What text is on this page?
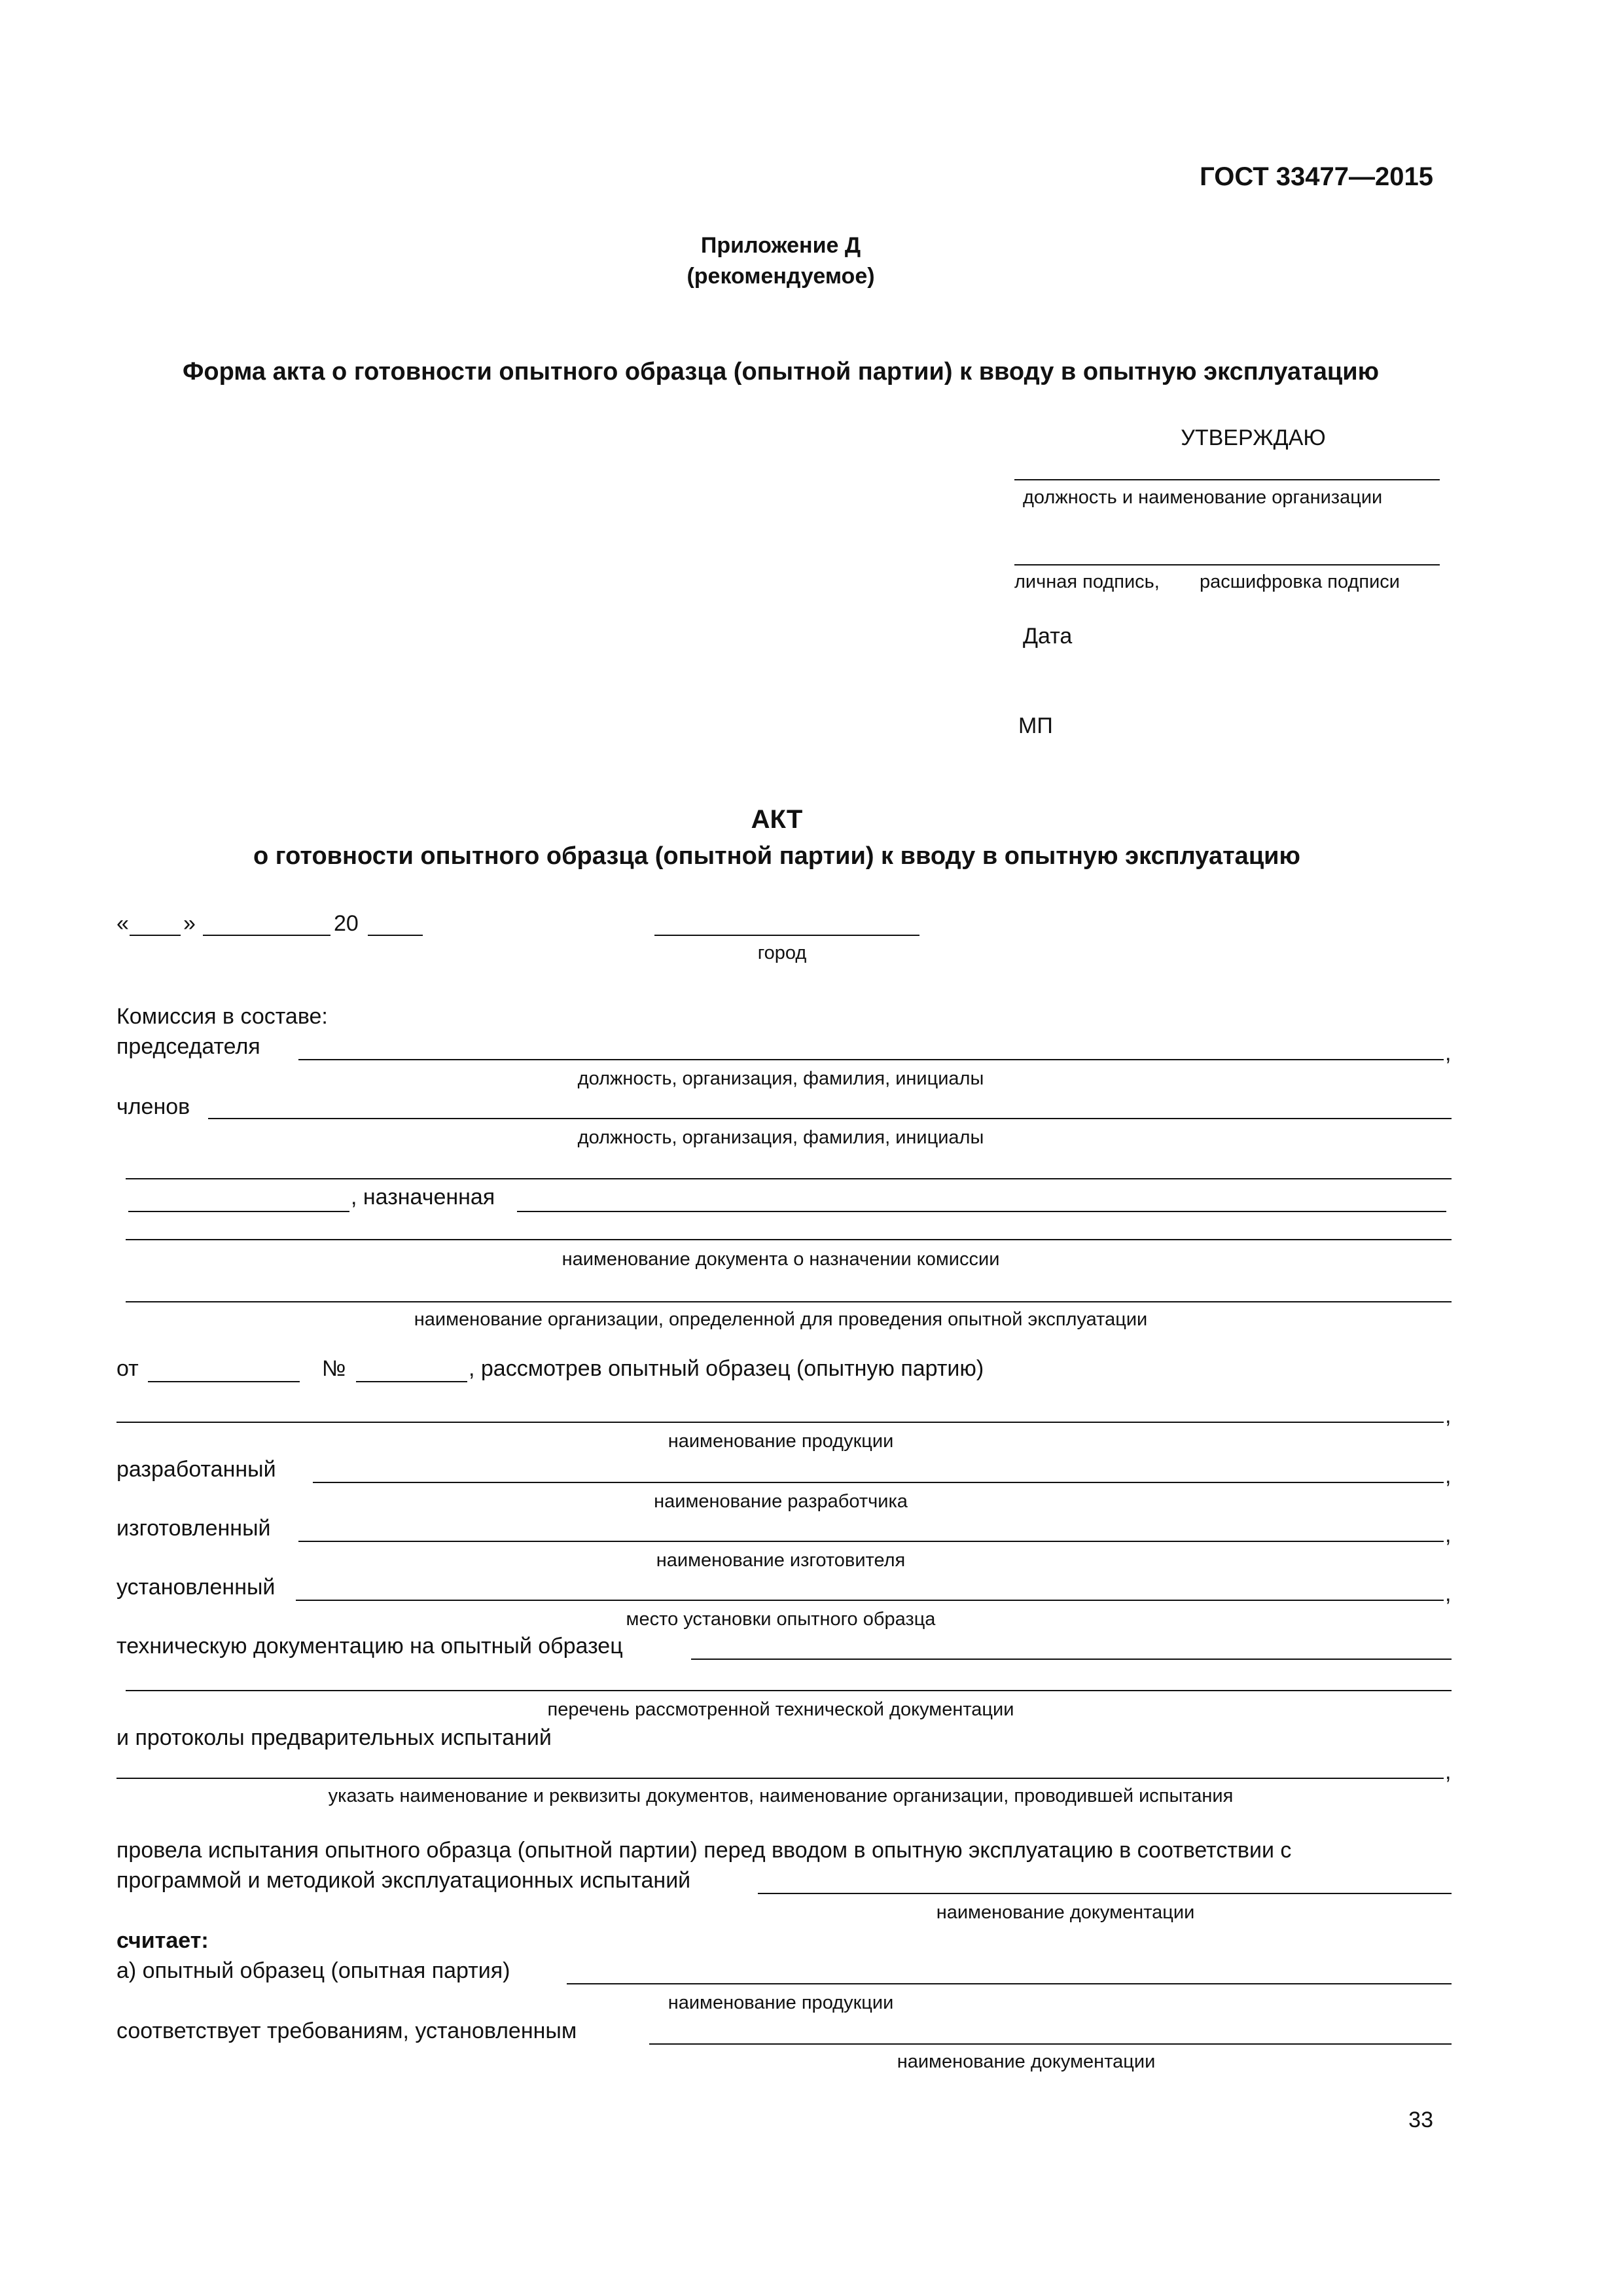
ГОСТ 33477—2015
Приложение Д
(рекомендуемое)
Форма акта о готовности опытного образца (опытной партии) к вводу в опытную эксплуатацию
УТВЕРЖДАЮ
должность и наименование организации
личная подпись, расшифровка подписи
Дата
МП
АКТ
о готовности опытного образца (опытной партии) к вводу в опытную эксплуатацию
« »	20
город
Комиссия в составе:
председателя	,
должность, организация, фамилия, инициалы
членов
должность, организация, фамилия, инициалы
, назначенная
наименование документа о назначении комиссии
наименование организации, определенной для проведения опытной эксплуатации
от	№	, рассмотрев опытный образец (опытную партию)
,
наименование продукции
разработанный	,
наименование разработчика
изготовленный	,
наименование изготовителя
установленный	,
место установки опытного образца
техническую документацию на опытный образец
перечень рассмотренной технической документации
и протоколы предварительных испытаний
,
указать наименование и реквизиты документов, наименование организации, проводившей испытания
провела испытания опытного образца (опытной партии) перед вводом в опытную эксплуатацию в соответствии с
программой и методикой эксплуатационных испытаний
наименование документации
считает:
а) опытный образец (опытная партия)
наименование продукции
соответствует требованиям, установленным
наименование документации
33
